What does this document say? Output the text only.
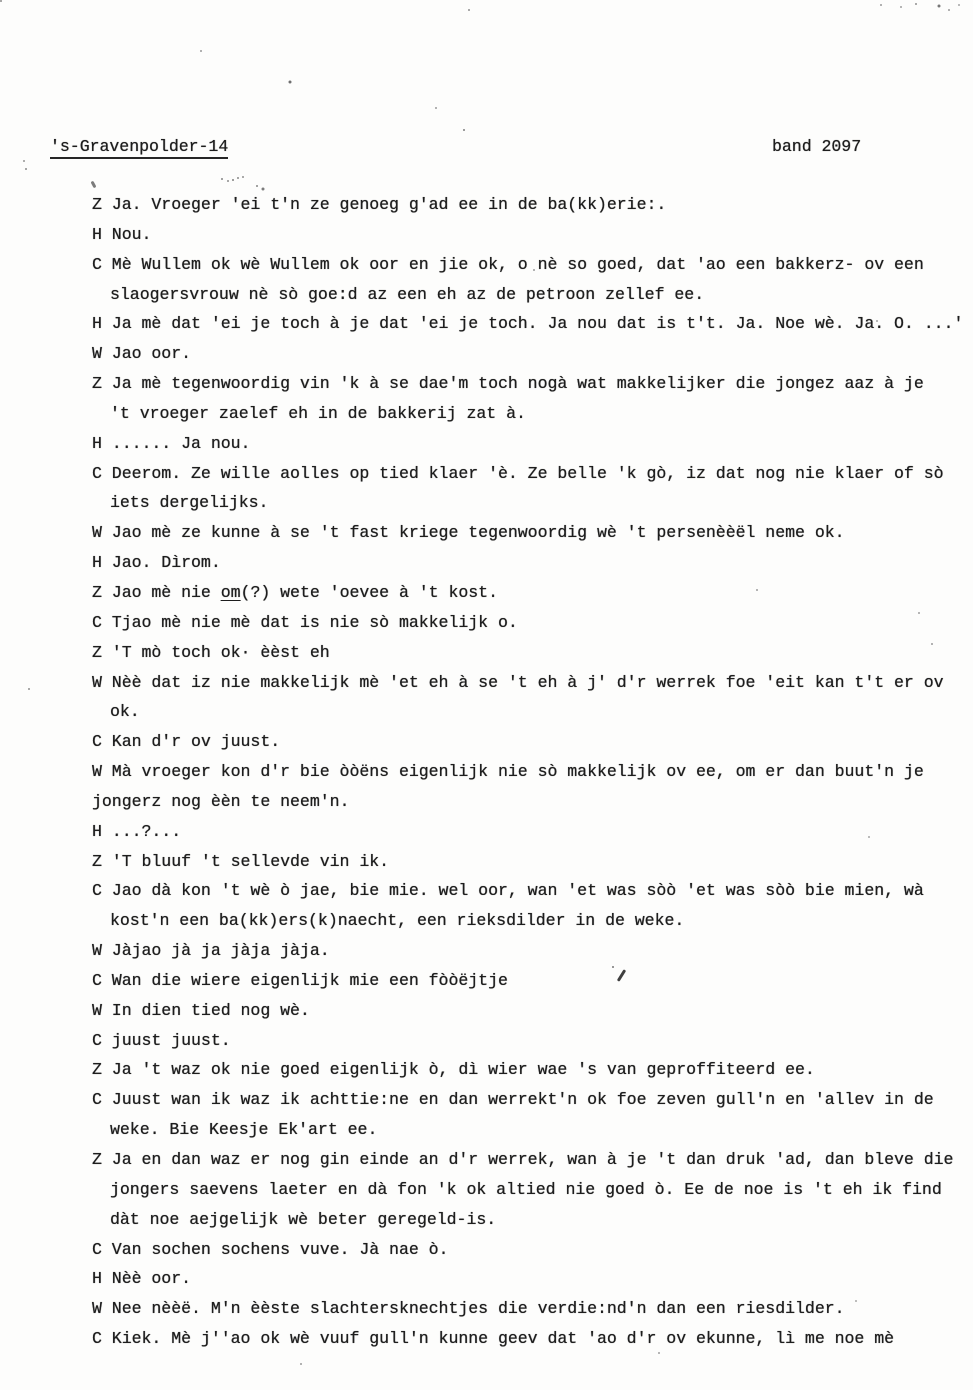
's-Gravenpolder-14	band 2097
Z Ja. Vroeger 'ei t'n ze genoeg g'ad ee in de ba(kk)erie:.
H Nou.
C Mè Wullem ok wè Wullem ok oor en jie ok, o nè so goed, dat 'ao een bakkerz- ov een
slaogersvrouw nè sò goe:d az een eh az de petroon zellef ee.
H Ja mè dat 'ei je toch à je dat 'ei je toch. Ja nou dat is t't. Ja. Noe wè. Ja. O. ...'
W Jao oor.
Z Ja mè tegenwoordig vin 'k à se dae'm toch nogà wat makkelijker die jongez aaz à je
't vroeger zaelef eh in de bakkerij zat à.
H ...... Ja nou.
C Deerom. Ze wille aolles op tied klaer 'è. Ze belle 'k gò, iz dat nog nie klaer of sò
iets dergelijks.
W Jao mè ze kunne à se 't fast kriege tegenwoordig wè 't persenèèël neme ok.
H Jao. Dìrom.
Z Jao mè nie om(?) wete 'oevee à 't kost.
C Tjao mè nie mè dat is nie sò makkelijk o.
Z 'T mò toch ok· èèst eh
W Nèè dat iz nie makkelijk mè 'et eh à se 't eh à j' d'r werrek foe 'eit kan t't er ov
ok.
C Kan d'r ov juust.
W Mà vroeger kon d'r bie òòëns eigenlijk nie sò makkelijk ov ee, om er dan buut'n je
jongerz nog èèn te neem'n.
H ...?...
Z 'T bluuf 't sellevde vin ik.
C Jao dà kon 't wè ò jae, bie mie. wel oor, wan 'et was sòò 'et was sòò bie mien, wà
kost'n een ba(kk)ers(k)naecht, een rieksdilder in de weke.
W Jàjao jà ja jàja jàja.
C Wan die wiere eigenlijk mie een fòòëjtje
W In dien tied nog wè.
C juust juust.
Z Ja 't waz ok nie goed eigenlijk ò, dì wier wae 's van geproffiteerd ee.
C Juust wan ik waz ik achttie:ne en dan werrekt'n ok foe zeven gull'n en 'allev in de
weke. Bie Keesje Ek'art ee.
Z Ja en dan waz er nog gin einde an d'r werrek, wan à je 't dan druk 'ad, dan bleve die
jongers saevens laeter en dà fon 'k ok altied nie goed ò. Ee de noe is 't eh ik find
dàt noe aejgelijk wè beter geregeld-is.
C Van sochen sochens vuve. Jà nae ò.
H Nèè oor.
W Nee nèèë. M'n èèste slachtersknechtjes die verdie:nd'n dan een riesdilder.
C Kiek. Mè j''ao ok wè vuuf gull'n kunne geev dat 'ao d'r ov ekunne, lì me noe mè
